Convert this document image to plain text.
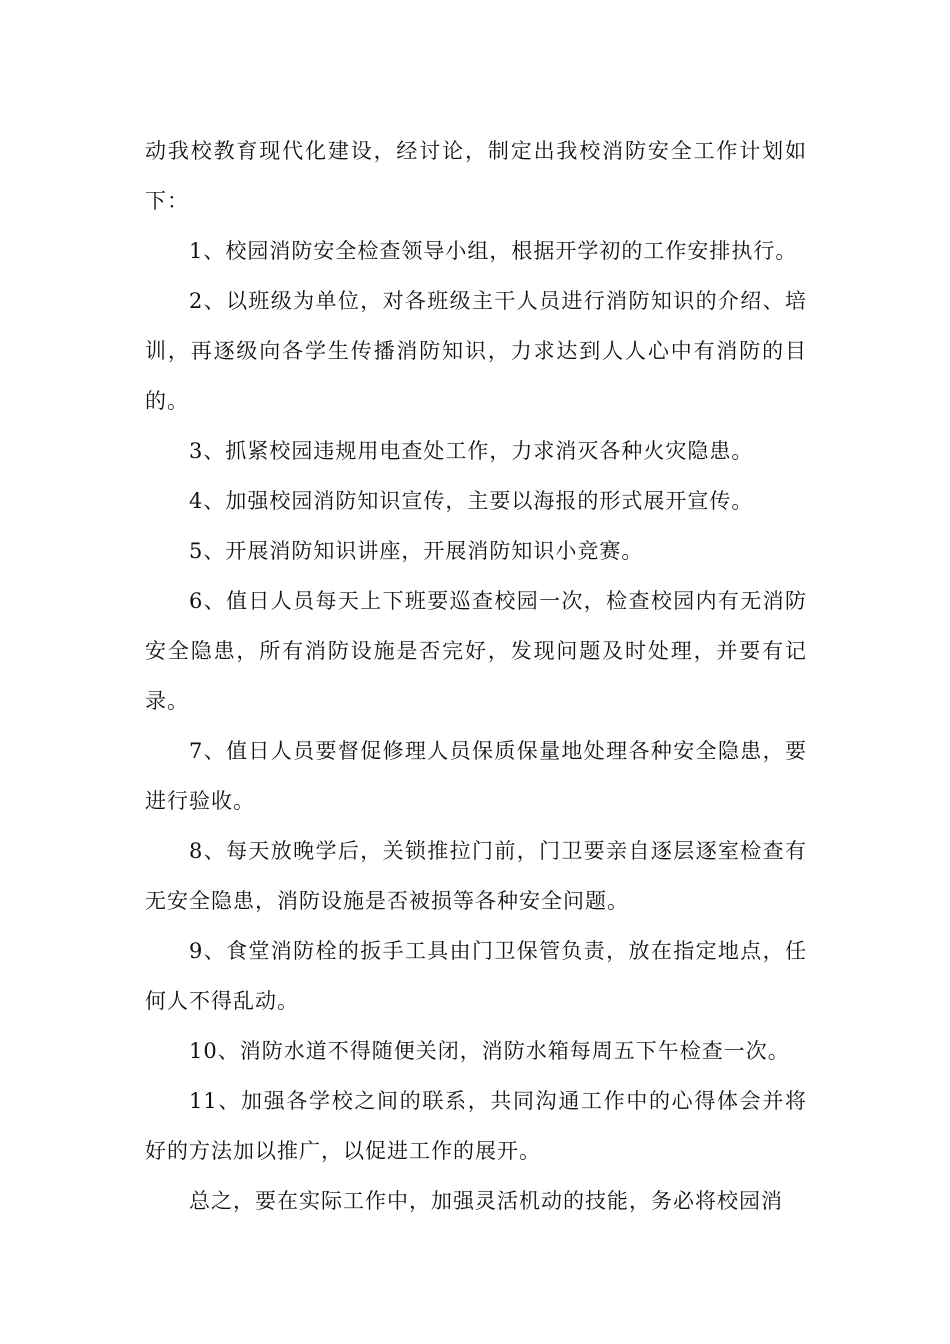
动我校教育现代化建设，经讨论，制定出我校消防安全工作计划如下：

1、校园消防安全检查领导小组，根据开学初的工作安排执行。

2、以班级为单位，对各班级主干人员进行消防知识的介绍、培训，再逐级向各学生传播消防知识，力求达到人人心中有消防的目的。

3、抓紧校园违规用电查处工作，力求消灭各种火灾隐患。

4、加强校园消防知识宣传，主要以海报的形式展开宣传。

5、开展消防知识讲座，开展消防知识小竞赛。

6、值日人员每天上下班要巡查校园一次，检查校园内有无消防安全隐患，所有消防设施是否完好，发现问题及时处理，并要有记录。

7、值日人员要督促修理人员保质保量地处理各种安全隐患，要进行验收。

8、每天放晚学后，关锁推拉门前，门卫要亲自逐层逐室检查有无安全隐患，消防设施是否被损等各种安全问题。

9、食堂消防栓的扳手工具由门卫保管负责，放在指定地点，任何人不得乱动。

10、消防水道不得随便关闭，消防水箱每周五下午检查一次。

11、加强各学校之间的联系，共同沟通工作中的心得体会并将好的方法加以推广，以促进工作的展开。

总之，要在实际工作中，加强灵活机动的技能，务必将校园消
